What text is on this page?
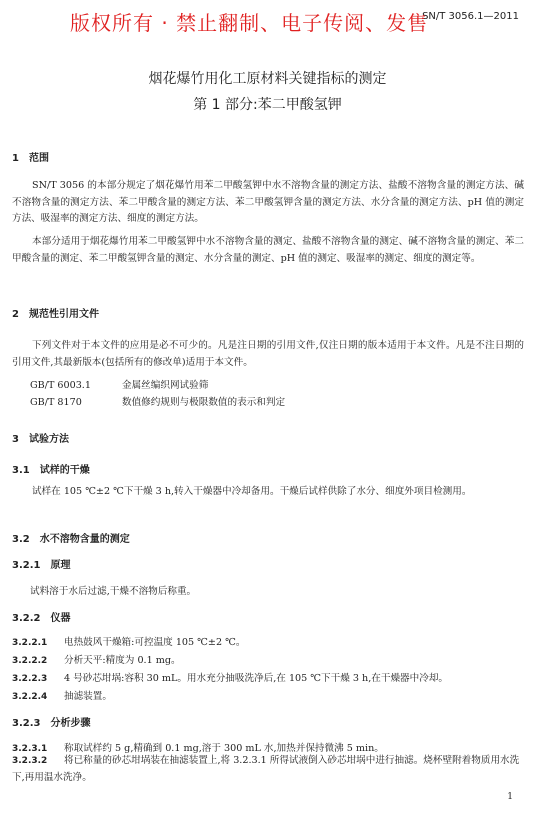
版权所有 · 禁止翻制、电子传阅、发售
SN/T 3056.1—2011
烟花爆竹用化工原材料关键指标的测定
第 1 部分:苯二甲酸氢钾
1 范围
SN/T 3056 的本部分规定了烟花爆竹用苯二甲酸氢钾中水不溶物含量的测定方法、盐酸不溶物含量的测定方法、碱不溶物含量的测定方法、苯二甲酸含量的测定方法、苯二甲酸氢钾含量的测定方法、水分含量的测定方法、pH 值的测定方法、吸湿率的测定方法、细度的测定方法。
本部分适用于烟花爆竹用苯二甲酸氢钾中水不溶物含量的测定、盐酸不溶物含量的测定、碱不溶物含量的测定、苯二甲酸含量的测定、苯二甲酸氢钾含量的测定、水分含量的测定、pH 值的测定、吸湿率的测定、细度的测定等。
2 规范性引用文件
下列文件对于本文件的应用是必不可少的。凡是注日期的引用文件,仅注日期的版本适用于本文件。凡是不注日期的引用文件,其最新版本(包括所有的修改单)适用于本文件。
GB/T 6003.1	金属丝编织网试验筛
GB/T 8170	数值修约规则与极限数值的表示和判定
3 试验方法
3.1 试样的干燥
试样在 105 ℃±2 ℃下干燥 3 h,转入干燥器中冷却备用。干燥后试样供除了水分、细度外项目检测用。
3.2 水不溶物含量的测定
3.2.1 原理
试料溶于水后过滤,干燥不溶物后称重。
3.2.2 仪器
3.2.2.1 电热鼓风干燥箱:可控温度 105 ℃±2 ℃。
3.2.2.2 分析天平:精度为 0.1 mg。
3.2.2.3 4 号砂芯坩埚:容积 30 mL。用水充分抽吸洗净后,在 105 ℃下干燥 3 h,在干燥器中冷却。
3.2.2.4 抽滤装置。
3.2.3 分析步骤
3.2.3.1 称取试样约 5 g,精确到 0.1 mg,溶于 300 mL 水,加热并保持微沸 5 min。
3.2.3.2 将已称量的砂芯坩埚装在抽滤装置上,将 3.2.3.1 所得试液倒入砂芯坩埚中进行抽滤。烧杯壁附着物质用水洗下,再用温水洗净。
1
